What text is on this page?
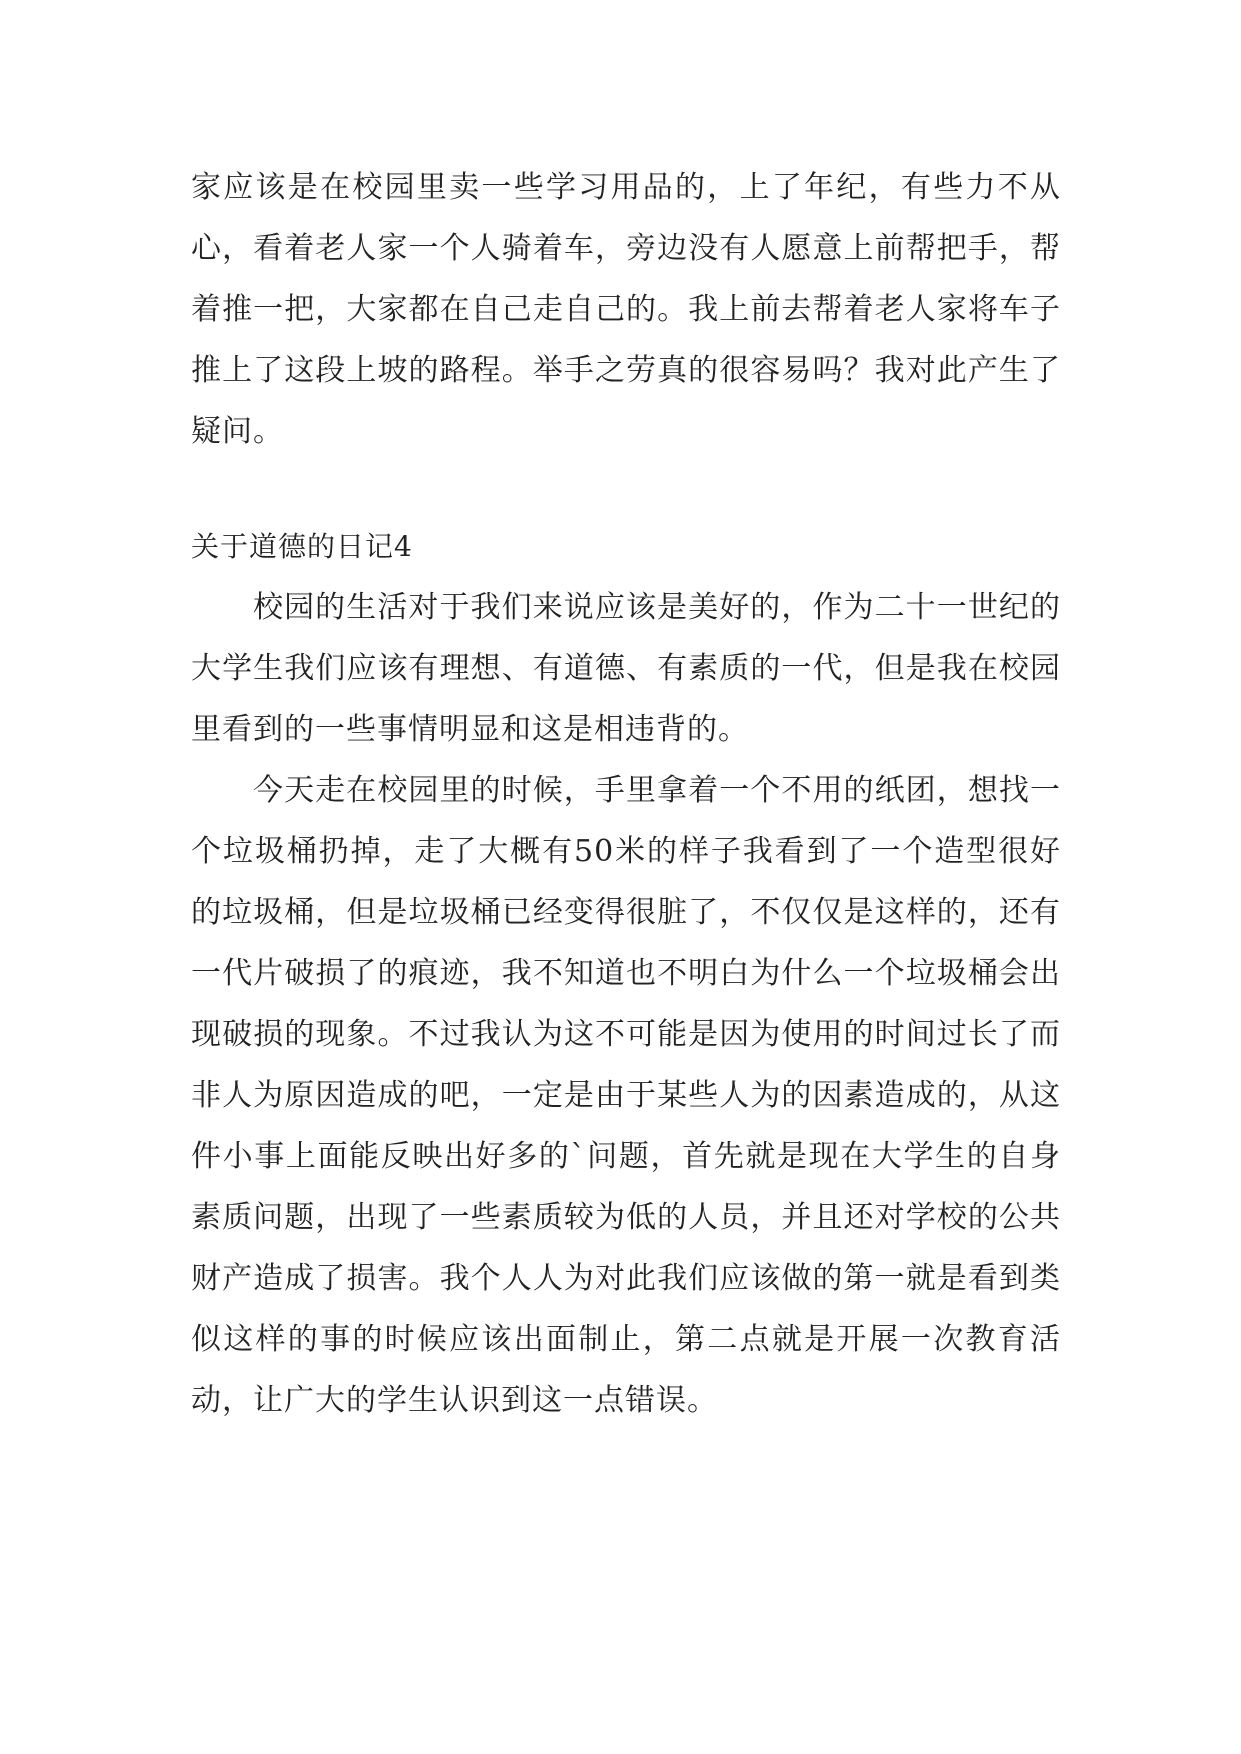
家应该是在校园里卖一些学习用品的，上了年纪，有些力不从心，看着老人家一个人骑着车，旁边没有人愿意上前帮把手，帮着推一把，大家都在自己走自己的。我上前去帮着老人家将车子推上了这段上坡的路程。举手之劳真的很容易吗？我对此产生了疑问。

关于道德的日记4

校园的生活对于我们来说应该是美好的，作为二十一世纪的大学生我们应该有理想、有道德、有素质的一代，但是我在校园里看到的一些事情明显和这是相违背的。

今天走在校园里的时候，手里拿着一个不用的纸团，想找一个垃圾桶扔掉，走了大概有50米的样子我看到了一个造型很好的垃圾桶，但是垃圾桶已经变得很脏了，不仅仅是这样的，还有一代片破损了的痕迹，我不知道也不明白为什么一个垃圾桶会出现破损的现象。不过我认为这不可能是因为使用的时间过长了而非人为原因造成的吧，一定是由于某些人为的因素造成的，从这件小事上面能反映出好多的`问题，首先就是现在大学生的自身素质问题，出现了一些素质较为低的人员，并且还对学校的公共财产造成了损害。我个人人为对此我们应该做的第一就是看到类似这样的事的时候应该出面制止，第二点就是开展一次教育活动，让广大的学生认识到这一点错误。
